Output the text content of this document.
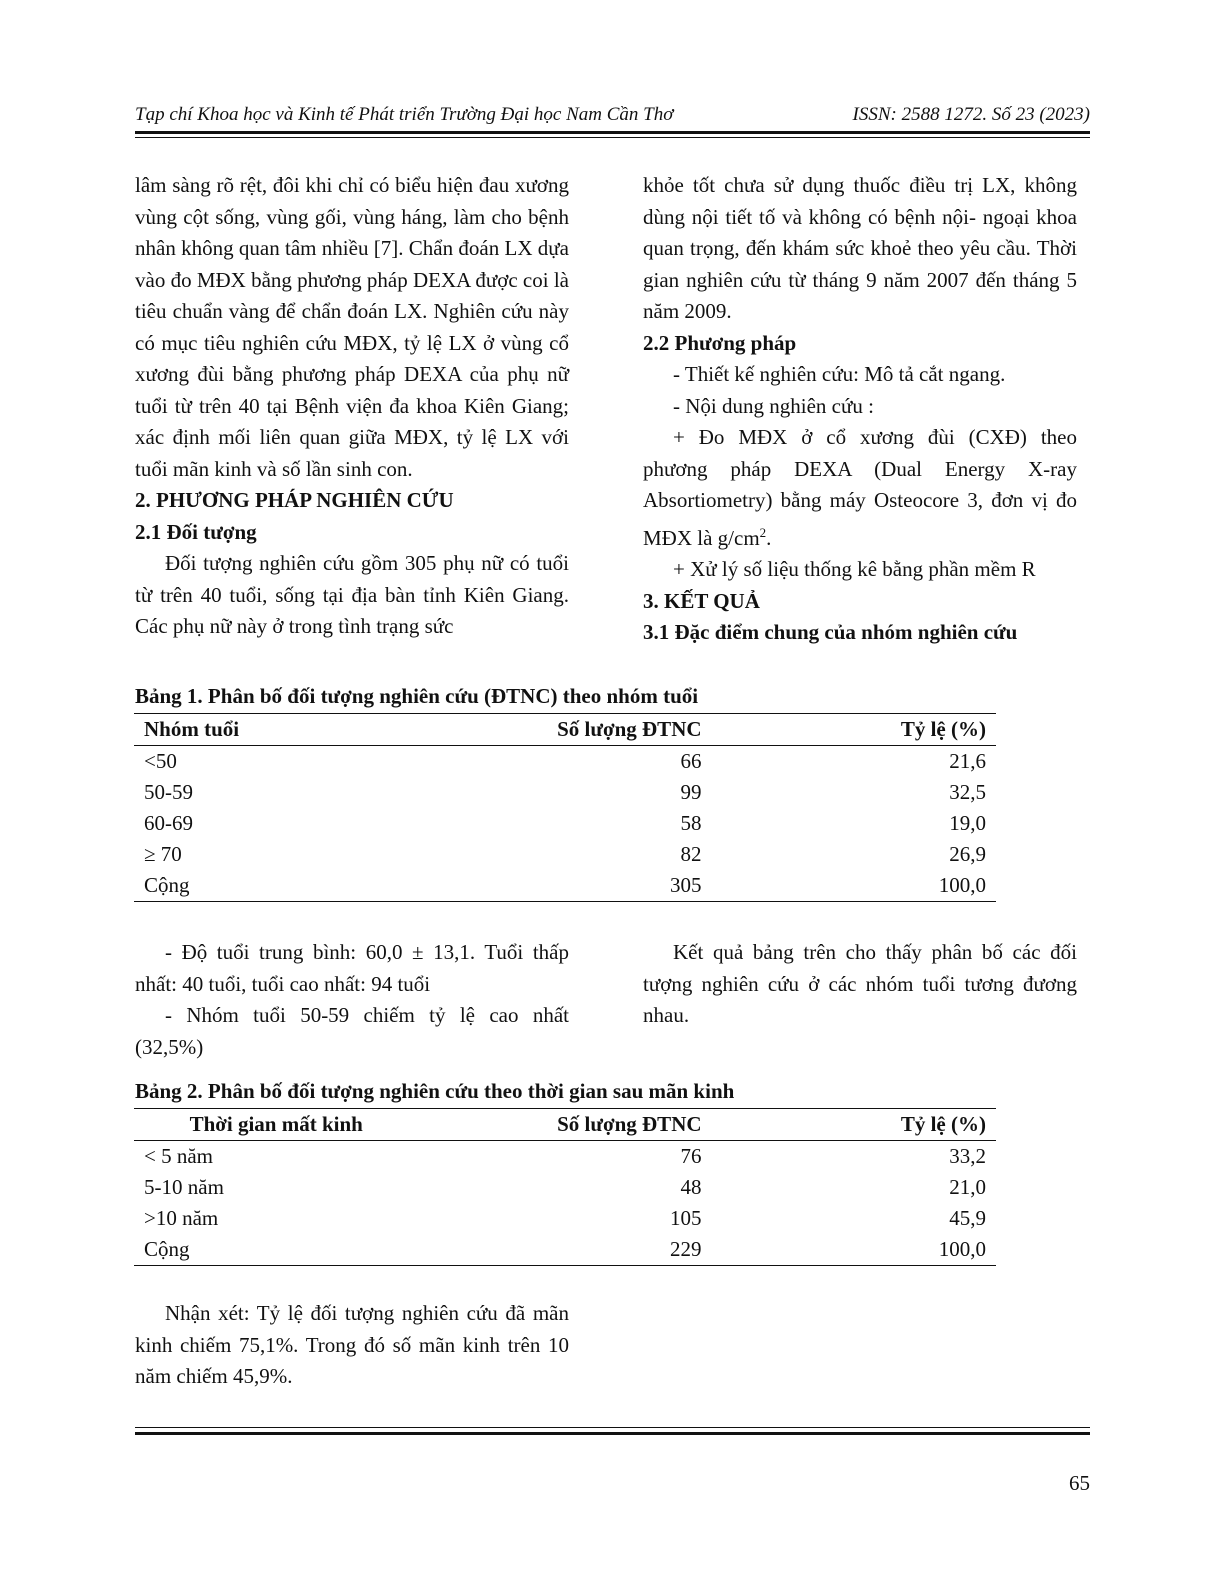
Tạp chí Khoa học và Kinh tế Phát triển Trường Đại học Nam Cần Thơ	ISSN: 2588 1272. Số 23 (2023)

lâm sàng rõ rệt, đôi khi chỉ có biểu hiện đau xương vùng cột sống, vùng gối, vùng háng, làm cho bệnh nhân không quan tâm nhiều [7]. Chẩn đoán LX dựa vào đo MĐX bằng phương pháp DEXA được coi là tiêu chuẩn vàng để chẩn đoán LX. Nghiên cứu này có mục tiêu nghiên cứu MĐX, tỷ lệ LX ở vùng cổ xương đùi bằng phương pháp DEXA của phụ nữ tuổi từ trên 40 tại Bệnh viện đa khoa Kiên Giang; xác định mối liên quan giữa MĐX, tỷ lệ LX với tuổi mãn kinh và số lần sinh con.

2. PHƯƠNG PHÁP NGHIÊN CỨU

2.1 Đối tượng

Đối tượng nghiên cứu gồm 305 phụ nữ có tuổi từ trên 40 tuổi, sống tại địa bàn tỉnh Kiên Giang. Các phụ nữ này ở trong tình trạng sức

khỏe tốt chưa sử dụng thuốc điều trị LX, không dùng nội tiết tố và không có bệnh nội- ngoại khoa quan trọng, đến khám sức khoẻ theo yêu cầu. Thời gian nghiên cứu từ tháng 9 năm 2007 đến tháng 5 năm 2009.

2.2 Phương pháp

- Thiết kế nghiên cứu: Mô tả cắt ngang.

- Nội dung nghiên cứu :

+ Đo MĐX ở cổ xương đùi (CXĐ) theo phương pháp DEXA (Dual Energy X-ray Absortiometry) bằng máy Osteocore 3, đơn vị đo MĐX là $g/cm^2$.

+ Xử lý số liệu thống kê bằng phần mềm R

3. KẾT QUẢ

3.1 Đặc điểm chung của nhóm nghiên cứu

Bảng 1. Phân bố đối tượng nghiên cứu (ĐTNC) theo nhóm tuổi
Nhóm tuổi	Số lượng ĐTNC	Tỷ lệ (%)
<50	66	21,6
50-59	99	32,5
60-69	58	19,0
≥ 70	82	26,9
Cộng	305	100,0

- Độ tuổi trung bình: 60,0 ± 13,1. Tuổi thấp nhất: 40 tuổi, tuổi cao nhất: 94 tuổi

- Nhóm tuổi 50-59 chiếm tỷ lệ cao nhất (32,5%)

Kết quả bảng trên cho thấy phân bố các đối tượng nghiên cứu ở các nhóm tuổi tương đương nhau.

Bảng 2. Phân bố đối tượng nghiên cứu theo thời gian sau mãn kinh
Thời gian mất kinh	Số lượng ĐTNC	Tỷ lệ (%)
< 5 năm	76	33,2
5-10 năm	48	21,0
>10 năm	105	45,9
Cộng	229	100,0

Nhận xét: Tỷ lệ đối tượng nghiên cứu đã mãn kinh chiếm 75,1%. Trong đó số mãn kinh trên 10 năm chiếm 45,9%.

65
